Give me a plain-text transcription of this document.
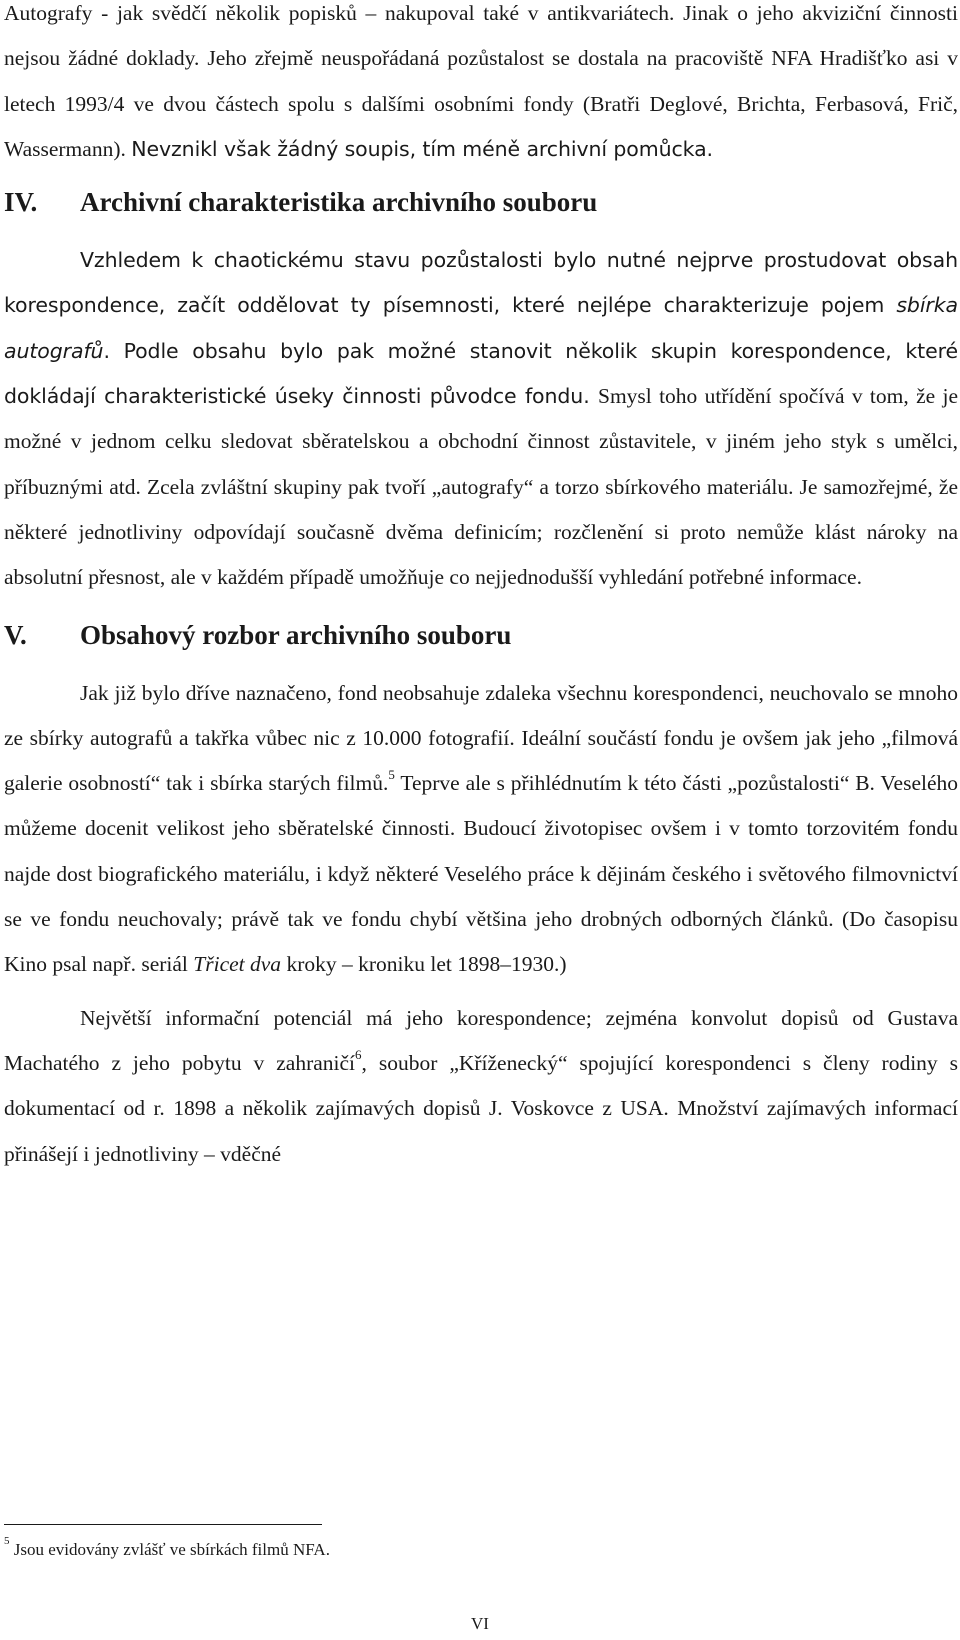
Autografy - jak svědčí několik popisků – nakupoval také v antikvariátech. Jinak o jeho akviziční činnosti nejsou žádné doklady. Jeho zřejmě neuspořádaná pozůstalost se dostala na pracoviště NFA Hradišťko asi v letech 1993/4 ve dvou částech spolu s dalšími osobními fondy (Bratři Deglové, Brichta, Ferbasová, Frič, Wassermann). Nevznikl však žádný soupis, tím méně archivní pomůcka.

IV.	Archivní charakteristika archivního souboru

Vzhledem k chaotickému stavu pozůstalosti bylo nutné nejprve prostudovat obsah korespondence, začít oddělovat ty písemnosti, které nejlépe charakterizuje pojem sbírka autografů. Podle obsahu bylo pak možné stanovit několik skupin korespondence, které dokládají charakteristické úseky činnosti původce fondu. Smysl toho utřídění spočívá v tom, že je možné v jednom celku sledovat sběratelskou a obchodní činnost zůstavitele, v jiném jeho styk s umělci, příbuznými atd. Zcela zvláštní skupiny pak tvoří „autografy“ a torzo sbírkového materiálu. Je samozřejmé, že některé jednotliviny odpovídají současně dvěma definicím; rozčlenění si proto nemůže klást nároky na absolutní přesnost, ale v každém případě umožňuje co nejjednodušší vyhledání potřebné informace.

V.	Obsahový rozbor archivního souboru

Jak již bylo dříve naznačeno, fond neobsahuje zdaleka všechnu korespondenci, neuchovalo se mnoho ze sbírky autografů a takřka vůbec nic z 10.000 fotografií. Ideální součástí fondu je ovšem jak jeho „filmová galerie osobností“ tak i sbírka starých filmů.$^5$ Teprve ale s přihlédnutím k této části „pozůstalosti“ B. Veselého můžeme docenit velikost jeho sběratelské činnosti. Budoucí životopisec ovšem i v tomto torzovitém fondu najde dost biografického materiálu, i když některé Veselého práce k dějinám českého i světového filmovnictví se ve fondu neuchovaly; právě tak ve fondu chybí většina jeho drobných odborných článků. (Do časopisu Kino psal např. seriál Třicet dva kroky – kroniku let 1898–1930.)

Největší informační potenciál má jeho korespondence; zejména konvolut dopisů od Gustava Machatého z jeho pobytu v zahraničí$^6$, soubor „Kříženecký“ spojující korespondenci s členy rodiny s dokumentací od r. 1898 a několik zajímavých dopisů J. Voskovce z USA. Množství zajímavých informací přinášejí i jednotliviny – vděčné

$^5$ Jsou evidovány zvlášť ve sbírkách filmů NFA.
VI
